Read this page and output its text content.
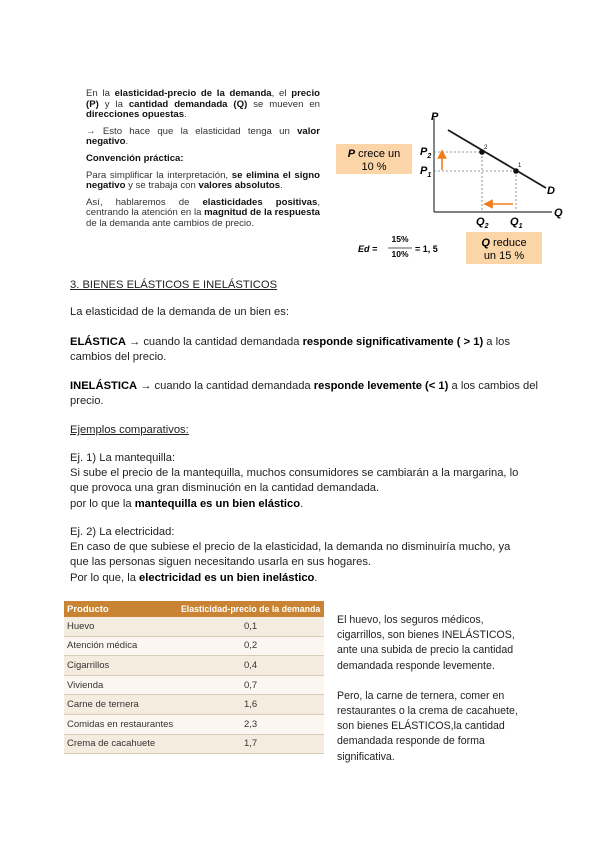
En la elasticidad-precio de la demanda, el precio (P) y la cantidad demandada (Q) se mueven en direcciones opuestas.

→ Esto hace que la elasticidad tenga un valor negativo.

Convención práctica:

Para simplificar la interpretación, se elimina el signo negativo y se trabaja con valores absolutos.

Así, hablaremos de elasticidades positivas, centrando la atención en la magnitud de la respuesta de la demanda ante cambios de precio.

P
Q
D
2
1
$P_2$
$P_1$
$Q_2$ $Q_1$
P crece un
10 %
Q reduce
un 15 %
Ed =
15%
10% = 1, 5
3. BIENES ELÁSTICOS E INELÁSTICOS
La elasticidad de la demanda de un bien es:
ELÁSTICA → cuando la cantidad demandada responde significativamente ( > 1) a los cambios del precio.
INELÁSTICA → cuando la cantidad demandada responde levemente (< 1) a los cambios del precio.
Ejemplos comparativos:
Ej. 1) La mantequilla:
Si sube el precio de la mantequilla, muchos consumidores se cambiarán a la margarina, lo
que provoca una gran disminución en la cantidad demandada.
por lo que la mantequilla es un bien elástico.
Ej. 2) La electricidad:
En caso de que subiese el precio de la elasticidad, la demanda no disminuiría mucho, ya
que las personas siguen necesitando usarla en sus hogares.
Por lo que, la electricidad es un bien inelástico.
Producto	Elasticidad-precio de la demanda
Huevo	0,1
Atención médica	0,2
Cigarrillos	0,4
Vivienda	0,7
Carne de ternera	1,6
Comidas en restaurantes	2,3
Crema de cacahuete	1,7
El huevo, los seguros médicos,
cigarrillos, son bienes INELÁSTICOS,
ante una subida de precio la cantidad
demandada responde levemente.
Pero, la carne de ternera, comer en
restaurantes o la crema de cacahuete,
son bienes ELÁSTICOS,la cantidad
demandada responde de forma
significativa.
